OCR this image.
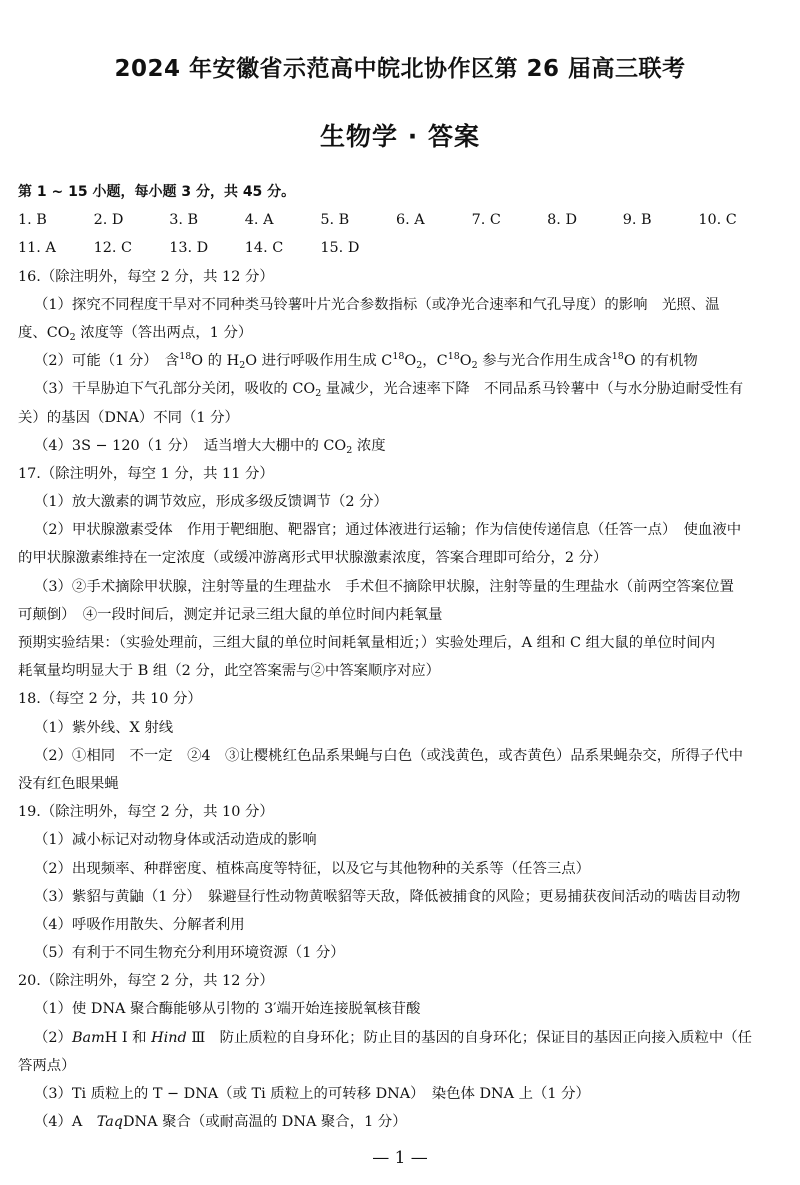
2024 年安徽省示范高中皖北协作区第 26 届高三联考
生物学 · 答案
第 1 ~ 15 小题，每小题 3 分，共 45 分。
1. B	2. D	3. B	4. A	5. B	6. A	7. C	8. D	9. B	10. C
11. A	12. C	13. D	14. C	15. D
16.（除注明外，每空 2 分，共 12 分）
（1）探究不同程度干旱对不同种类马铃薯叶片光合参数指标（或净光合速率和气孔导度）的影响　光照、温
度、$CO_2$ 浓度等（答出两点，1 分）
（2）可能（1 分）　含$^{18}$O 的 $H_2O$ 进行呼吸作用生成 $C^{18}O_2$，$C^{18}O_2$ 参与光合作用生成含$^{18}$O 的有机物
（3）干旱胁迫下气孔部分关闭，吸收的 $CO_2$ 量减少，光合速率下降　不同品系马铃薯中（与水分胁迫耐受性有
关）的基因（DNA）不同（1 分）
（4）3S − 120（1 分）　适当增大大棚中的 $CO_2$ 浓度
17.（除注明外，每空 1 分，共 11 分）
（1）放大激素的调节效应，形成多级反馈调节（2 分）
（2）甲状腺激素受体　作用于靶细胞、靶器官；通过体液进行运输；作为信使传递信息（任答一点）　使血液中
的甲状腺激素维持在一定浓度（或缓冲游离形式甲状腺激素浓度，答案合理即可给分，2 分）
（3）②手术摘除甲状腺，注射等量的生理盐水　手术但不摘除甲状腺，注射等量的生理盐水（前两空答案位置
可颠倒）　④一段时间后，测定并记录三组大鼠的单位时间内耗氧量
预期实验结果：（实验处理前，三组大鼠的单位时间耗氧量相近；）实验处理后，A 组和 C 组大鼠的单位时间内
耗氧量均明显大于 B 组（2 分，此空答案需与②中答案顺序对应）
18.（每空 2 分，共 10 分）
（1）紫外线、X 射线
（2）①相同　不一定　②4　③让樱桃红色品系果蝇与白色（或浅黄色，或杏黄色）品系果蝇杂交，所得子代中
没有红色眼果蝇
19.（除注明外，每空 2 分，共 10 分）
（1）减小标记对动物身体或活动造成的影响
（2）出现频率、种群密度、植株高度等特征，以及它与其他物种的关系等（任答三点）
（3）紫貂与黄鼬（1 分）　躲避昼行性动物黄喉貂等天敌，降低被捕食的风险；更易捕获夜间活动的啮齿目动物
（4）呼吸作用散失、分解者利用
（5）有利于不同生物充分利用环境资源（1 分）
20.（除注明外，每空 2 分，共 12 分）
（1）使 DNA 聚合酶能够从引物的 3′端开始连接脱氧核苷酸
（2）BamH Ⅰ 和 Hind Ⅲ　防止质粒的自身环化；防止目的基因的自身环化；保证目的基因正向接入质粒中（任
答两点）
（3）Ti 质粒上的 T − DNA（或 Ti 质粒上的可转移 DNA）　染色体 DNA 上（1 分）
（4）A　TaqDNA 聚合（或耐高温的 DNA 聚合，1 分）
— 1 —
